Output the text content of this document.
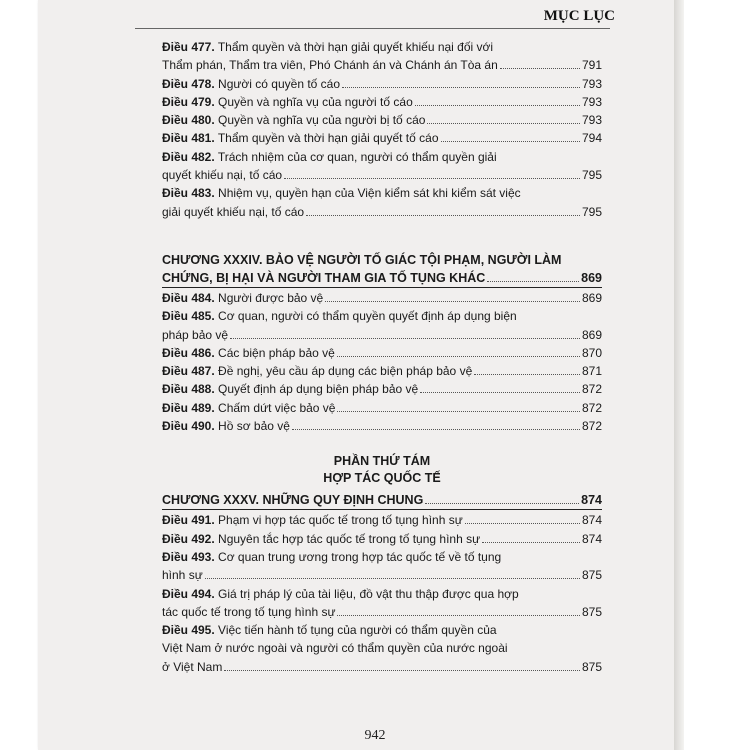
MỤC LỤC
Điều 477. Thẩm quyền và thời hạn giải quyết khiếu nại đối với
Thẩm phán, Thẩm tra viên, Phó Chánh án và Chánh án Tòa án	791
Điều 478. Người có quyền tố cáo	793
Điều 479. Quyền và nghĩa vụ của người tố cáo	793
Điều 480. Quyền và nghĩa vụ của người bị tố cáo	793
Điều 481. Thẩm quyền và thời hạn giải quyết tố cáo	794
Điều 482. Trách nhiệm của cơ quan, người có thẩm quyền giải
quyết khiếu nại, tố cáo	795
Điều 483. Nhiệm vụ, quyền hạn của Viện kiểm sát khi kiểm sát việc
giải quyết khiếu nại, tố cáo	795
CHƯƠNG XXXIV. BẢO VỆ NGƯỜI TỐ GIÁC TỘI PHẠM, NGƯỜI LÀM
CHỨNG, BỊ HẠI VÀ NGƯỜI THAM GIA TỐ TỤNG KHÁC	869
Điều 484. Người được bảo vệ	869
Điều 485. Cơ quan, người có thẩm quyền quyết định áp dụng biện
pháp bảo vệ	869
Điều 486. Các biện pháp bảo vệ	870
Điều 487. Đề nghị, yêu cầu áp dụng các biện pháp bảo vệ	871
Điều 488. Quyết định áp dụng biện pháp bảo vệ	872
Điều 489. Chấm dứt việc bảo vệ	872
Điều 490. Hồ sơ bảo vệ	872
PHẦN THỨ TÁM
HỢP TÁC QUỐC TẾ
CHƯƠNG XXXV. NHỮNG QUY ĐỊNH CHUNG	874
Điều 491. Phạm vi hợp tác quốc tế trong tố tụng hình sự	874
Điều 492. Nguyên tắc hợp tác quốc tế trong tố tụng hình sự	874
Điều 493. Cơ quan trung ương trong hợp tác quốc tế về tố tụng
hình sự	875
Điều 494. Giá trị pháp lý của tài liệu, đồ vật thu thập được qua hợp
tác quốc tế trong tố tụng hình sự	875
Điều 495. Việc tiến hành tố tụng của người có thẩm quyền của
Việt Nam ở nước ngoài và người có thẩm quyền của nước ngoài
ở Việt Nam	875
942
